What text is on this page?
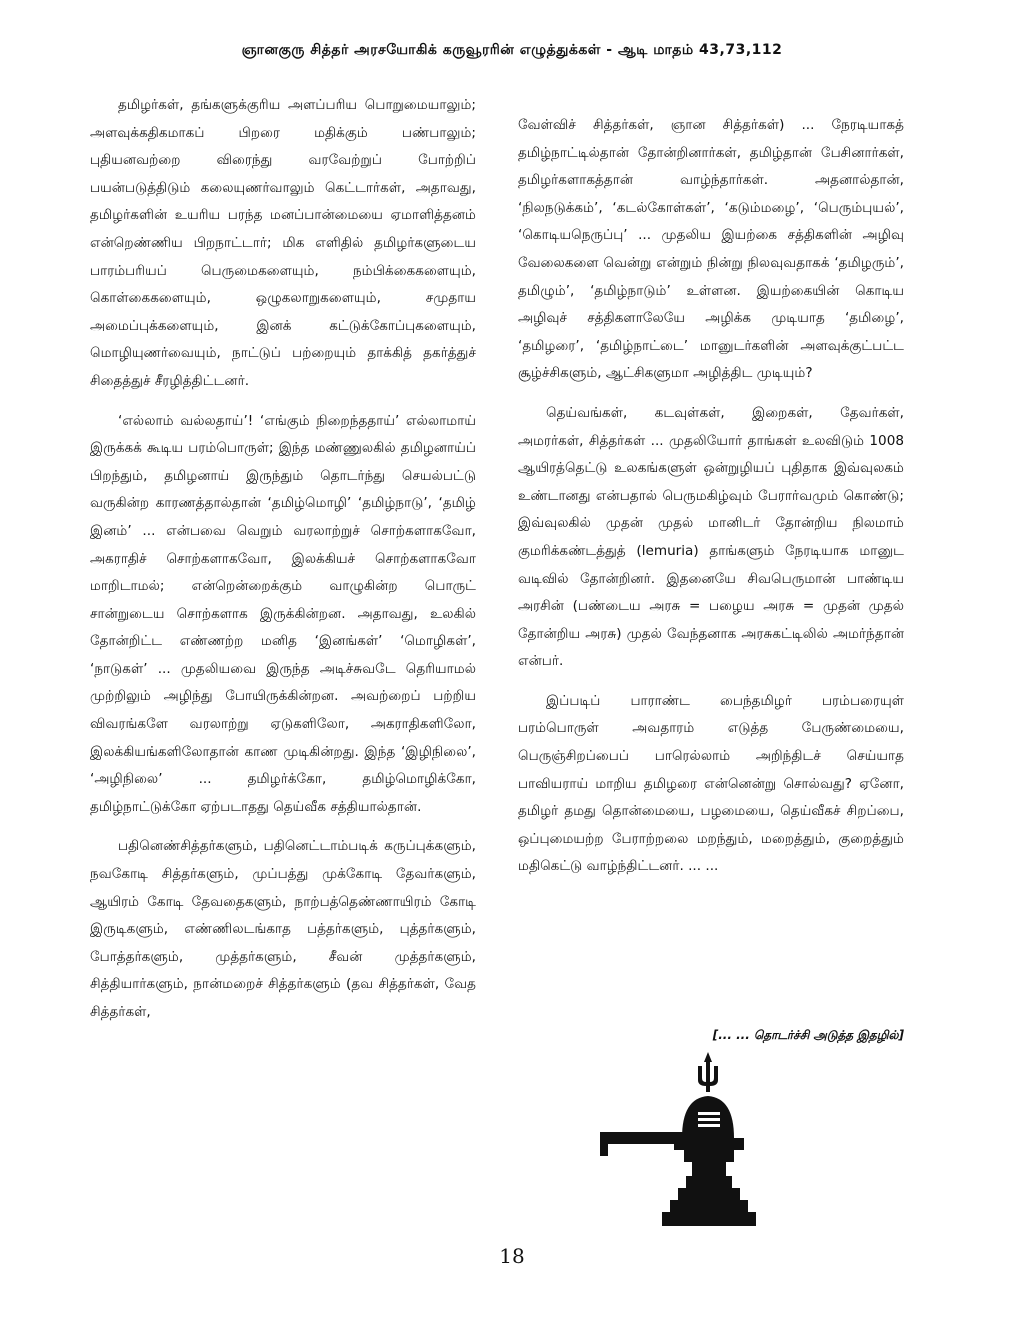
ஞானகுரு சித்தர் அரசயோகிக் கருவூரரின் எழுத்துக்கள் - ஆடி மாதம் 43,73,112

தமிழர்கள், தங்களுக்குரிய அளப்பரிய பொறுமையாலும்; அளவுக்கதிகமாகப் பிறரை மதிக்கும் பண்பாலும்; புதியனவற்றை விரைந்து வரவேற்றுப் போற்றிப் பயன்படுத்திடும் கலையுணர்வாலும் கெட்டார்கள், அதாவது, தமிழர்களின் உயரிய பரந்த மனப்பான்மையை ஏமாளித்தனம் என்றெண்ணிய பிறநாட்டார்; மிக எளிதில் தமிழர்களுடைய பாரம்பரியப் பெருமைகளையும், நம்பிக்கைகளையும், கொள்கைகளையும், ஒழுகலாறுகளையும், சமுதாய அமைப்புக்களையும், இனக் கட்டுக்கோப்புகளையும், மொழியுணர்வையும், நாட்டுப் பற்றையும் தாக்கித் தகர்த்துச் சிதைத்துச் சீரழித்திட்டனர்.

‘எல்லாம் வல்லதாய்’! ‘எங்கும் நிறைந்ததாய்’ எல்லாமாய் இருக்கக் கூடிய பரம்பொருள்; இந்த மண்ணுலகில் தமிழனாய்ப் பிறந்தும், தமிழனாய் இருந்தும் தொடர்ந்து செயல்பட்டு வருகின்ற காரணத்தால்தான் ‘தமிழ்மொழி’ ‘தமிழ்நாடு’, ‘தமிழ் இனம்’ ... என்பவை வெறும் வரலாற்றுச் சொற்களாகவோ, அகராதிச் சொற்களாகவோ, இலக்கியச் சொற்களாகவோ மாறிடாமல்; என்றென்றைக்கும் வாழுகின்ற பொருட் சான்றுடைய சொற்களாக இருக்கின்றன. அதாவது, உலகில் தோன்றிட்ட எண்ணற்ற மனித ‘இனங்கள்’ ‘மொழிகள்’, ‘நாடுகள்’ ... முதலியவை இருந்த அடிச்சுவடே தெரியாமல் முற்றிலும் அழிந்து போயிருக்கின்றன. அவற்றைப் பற்றிய விவரங்களே வரலாற்று ஏடுகளிலோ, அகராதிகளிலோ, இலக்கியங்களிலோதான் காண முடிகின்றது. இந்த ‘இழிநிலை’, ‘அழிநிலை’ ... தமிழர்க்கோ, தமிழ்மொழிக்கோ, தமிழ்நாட்டுக்கோ ஏற்படாதது தெய்வீக சத்தியால்தான்.

பதினெண்சித்தர்களும், பதினெட்டாம்படிக் கருப்புக்களும், நவகோடி சித்தர்களும், முப்பத்து முக்கோடி தேவர்களும், ஆயிரம் கோடி தேவதைகளும், நாற்பத்தெண்ணாயிரம் கோடி இருடிகளும், எண்ணிலடங்காத பத்தர்களும், புத்தர்களும், போத்தர்களும், முத்தர்களும், சீவன் முத்தர்களும், சித்தியார்களும், நான்மறைச் சித்தர்களும் (தவ சித்தர்கள், வேத சித்தர்கள்,

வேள்விச் சித்தர்கள், ஞான சித்தர்கள்) ... நேரடியாகத் தமிழ்நாட்டில்தான் தோன்றினார்கள், தமிழ்தான் பேசினார்கள், தமிழர்களாகத்தான் வாழ்ந்தார்கள். அதனால்தான், ‘நிலநடுக்கம்’, ‘கடல்கோள்கள்’, ‘கடும்மழை’, ‘பெரும்புயல்’, ‘கொடியநெருப்பு’ ... முதலிய இயற்கை சத்திகளின் அழிவு வேலைகளை வென்று என்றும் நின்று நிலவுவதாகக் ‘தமிழரும்’, தமிழும்’, ‘தமிழ்நாடும்’ உள்ளன. இயற்கையின் கொடிய அழிவுச் சத்திகளாலேயே அழிக்க முடியாத ‘தமிழை’, ‘தமிழரை’, ‘தமிழ்நாட்டை’ மானுடர்களின் அளவுக்குட்பட்ட சூழ்ச்சிகளும், ஆட்சிகளுமா அழித்திட முடியும்?

தெய்வங்கள், கடவுள்கள், இறைகள், தேவர்கள், அமரர்கள், சித்தர்கள் ... முதலியோர் தாங்கள் உலவிடும் 1008 ஆயிரத்தெட்டு உலகங்களுள் ஒன்றுழியப் புதிதாக இவ்வுலகம் உண்டானது என்பதால் பெருமகிழ்வும் பேரார்வமும் கொண்டு; இவ்வுலகில் முதன் முதல் மானிடர் தோன்றிய நிலமாம் குமரிக்கண்டத்துத் (lemuria) தாங்களும் நேரடியாக மானுட வடிவில் தோன்றினர். இதனையே சிவபெருமான் பாண்டிய அரசின் (பண்டைய அரசு = பழைய அரசு = முதன் முதல் தோன்றிய அரசு) முதல் வேந்தனாக அரசுகட்டிலில் அமர்ந்தான் என்பர்.

இப்படிப் பாராண்ட பைந்தமிழர் பரம்பரையுள் பரம்பொருள் அவதாரம் எடுத்த பேருண்மையை, பெருஞ்சிறப்பைப் பாரெல்லாம் அறிந்திடச் செய்யாத பாவியராய் மாறிய தமிழரை என்னென்று சொல்வது? ஏனோ, தமிழர் தமது தொன்மையை, பழமையை, தெய்வீகச் சிறப்பை, ஒப்புமையற்ற பேராற்றலை மறந்தும், மறைத்தும், குறைத்தும் மதிகெட்டு வாழ்ந்திட்டனர். ... ...

[... ... தொடர்ச்சி அடுத்த இதழில்]
18
